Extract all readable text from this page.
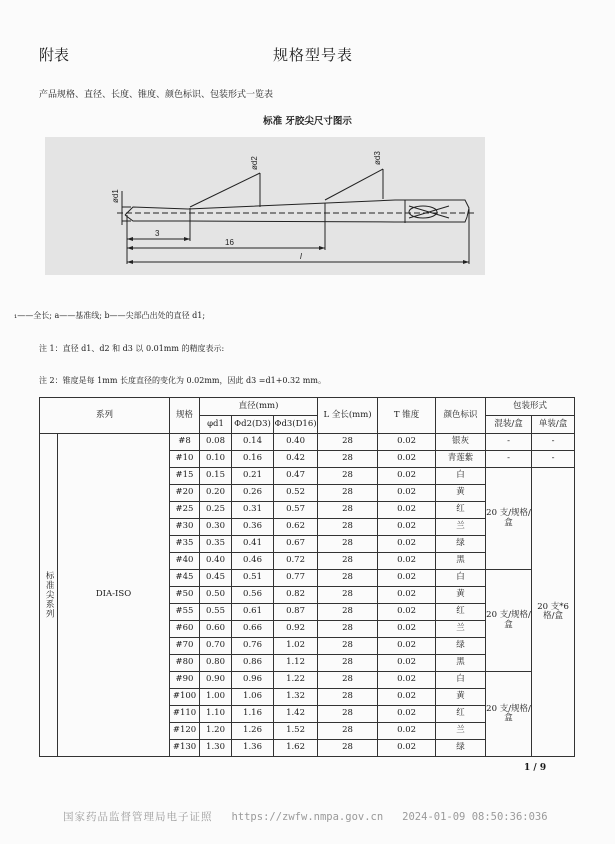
附表	规格型号表
产品规格、直径、长度、锥度、颜色标识、包装形式一览表
标准 牙胶尖尺寸图示
ød1
ød2	ød3
3
16
l
₁——全长; a——基准线; b——尖部凸出处的直径 d1;
注 1：直径 d1、d2 和 d3 以 0.01mm 的精度表示:
注 2：锥度是每 1mm 长度直径的变化为 0.02mm，因此 d3 =d1+0.32 mm。
系列		规格	直径(mm)			L 全长(mm)	T 锥度	颜色标识	包装形式	
			φd1	Φd2(D3)	Φd3(D16)				混装/盒	单装/盒
标准尖系列	DIA-ISO	#8	0.08	0.14	0.40	28	0.02	银灰	-	-
		#10	0.10	0.16	0.42	28	0.02	青莲紫	-	-
		#15	0.15	0.21	0.47	28	0.02	白	20 支/规格/盒	20 支*6 格/盒
		#20	0.20	0.26	0.52	28	0.02	黄		
		#25	0.25	0.31	0.57	28	0.02	红		
		#30	0.30	0.36	0.62	28	0.02	兰		
		#35	0.35	0.41	0.67	28	0.02	绿		
		#40	0.40	0.46	0.72	28	0.02	黑		
		#45	0.45	0.51	0.77	28	0.02	白	20 支/规格/盒	
		#50	0.50	0.56	0.82	28	0.02	黄		
		#55	0.55	0.61	0.87	28	0.02	红		
		#60	0.60	0.66	0.92	28	0.02	兰		
		#70	0.70	0.76	1.02	28	0.02	绿		
		#80	0.80	0.86	1.12	28	0.02	黑		
		#90	0.90	0.96	1.22	28	0.02	白	20 支/规格/盒	
		#100	1.00	1.06	1.32	28	0.02	黄		
		#110	1.10	1.16	1.42	28	0.02	红		
		#120	1.20	1.26	1.52	28	0.02	兰		
		#130	1.30	1.36	1.62	28	0.02	绿		
1 / 9
国家药品监督管理局电子证照 https://zwfw.nmpa.gov.cn 2024-01-09 08:50:36:036
